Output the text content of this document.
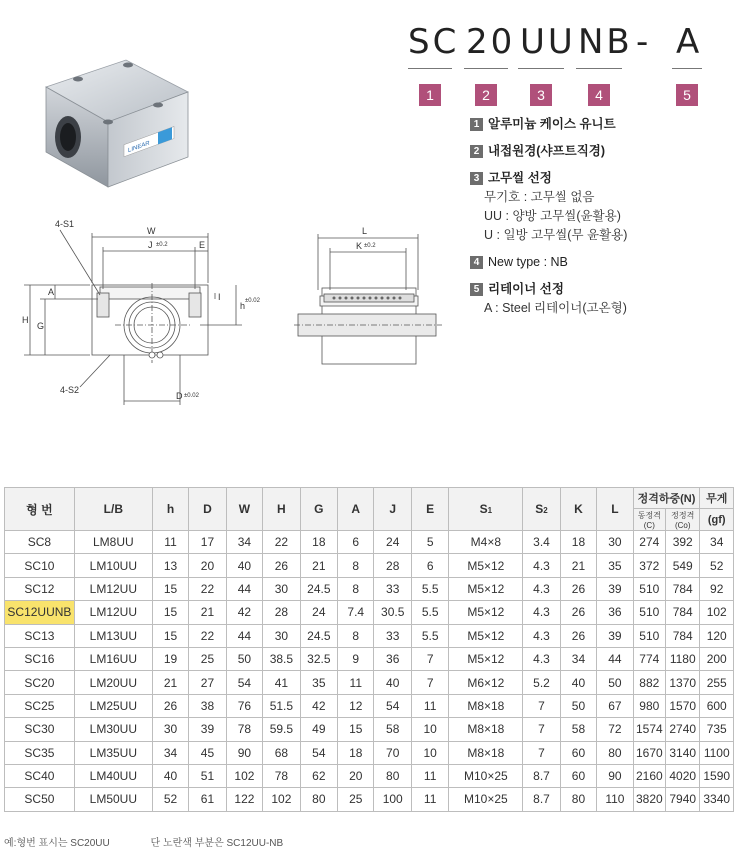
LINEAR
SC 20 UU NB - A
1	2	3	4	5
1 알루미늄 케이스 유니트
2 내접원경(샤프트직경)
3 고무씰 선정
무기호 : 고무씰 없음
UU : 양방 고무씰(윤활용)
U : 일방 고무씰(무 윤활용)
4 New type : NB
5 리테이너 선정
A : Steel 리테이너(고온형)
4-S1
W
J ±0.2	E
A
H
G
I
h ±0.02
4-S2
D ±0.02
L
K ±0.2
형 번	L/B	h	D	W	H	G	A	J	E	S1	S2	K	L	정격하중(N)		무게
														동정격(C)	정정격(Co)	(gf)
SC8	LM8UU	11	17	34	22	18	6	24	5	M4×8	3.4	18	30	274	392	34
SC10	LM10UU	13	20	40	26	21	8	28	6	M5×12	4.3	21	35	372	549	52
SC12	LM12UU	15	22	44	30	24.5	8	33	5.5	M5×12	4.3	26	39	510	784	92
SC12UUNB	LM12UU	15	21	42	28	24	7.4	30.5	5.5	M5×12	4.3	26	36	510	784	102
SC13	LM13UU	15	22	44	30	24.5	8	33	5.5	M5×12	4.3	26	39	510	784	120
SC16	LM16UU	19	25	50	38.5	32.5	9	36	7	M5×12	4.3	34	44	774	1180	200
SC20	LM20UU	21	27	54	41	35	11	40	7	M6×12	5.2	40	50	882	1370	255
SC25	LM25UU	26	38	76	51.5	42	12	54	11	M8×18	7	50	67	980	1570	600
SC30	LM30UU	30	39	78	59.5	49	15	58	10	M8×18	7	58	72	1574	2740	735
SC35	LM35UU	34	45	90	68	54	18	70	10	M8×18	7	60	80	1670	3140	1100
SC40	LM40UU	40	51	102	78	62	20	80	11	M10×25	8.7	60	90	2160	4020	1590
SC50	LM50UU	52	61	122	102	80	25	100	11	M10×25	8.7	80	110	3820	7940	3340
예:형번 표시는 SC20UU	단 노란색 부분은 SC12UU-NB
